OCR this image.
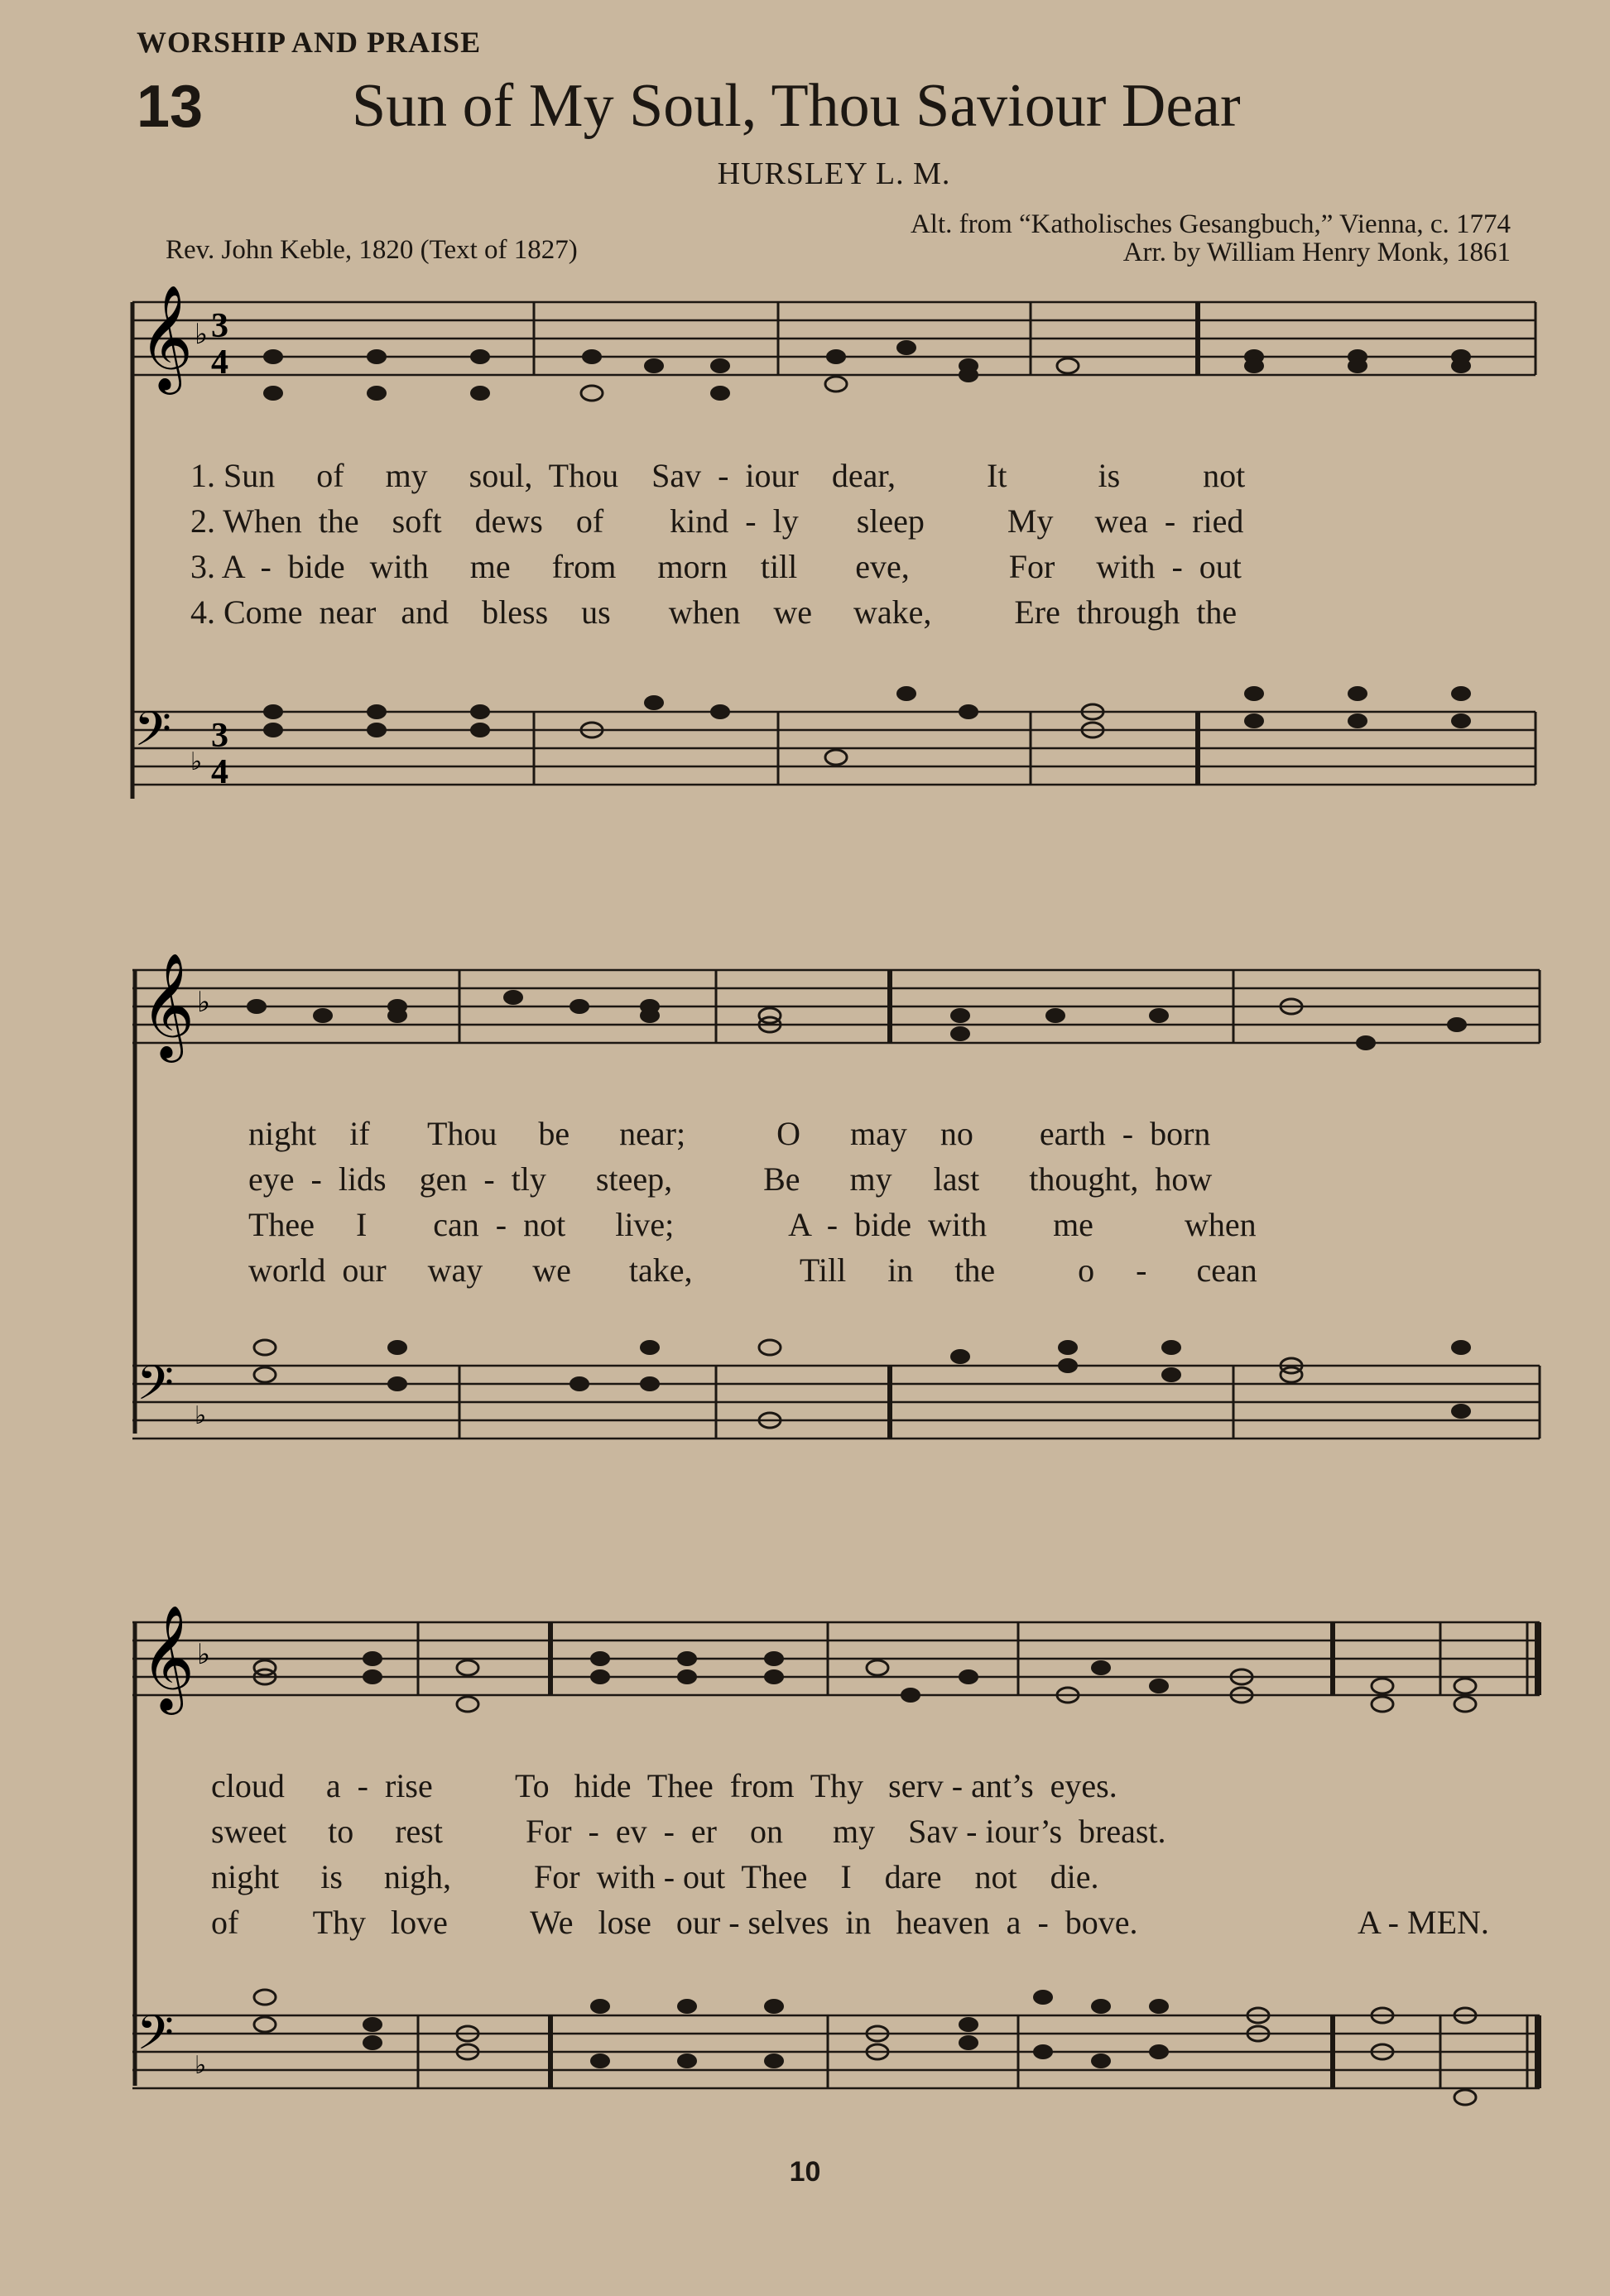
WORSHIP AND PRAISE
13 Sun of My Soul, Thou Saviour Dear
HURSLEY L. M.
Rev. John Keble, 1820 (Text of 1827)
Alt. from “Katholisches Gesangbuch,” Vienna, c. 1774
Arr. by William Henry Monk, 1861
𝄞 ♭ 3
4
1. Sun     of     my     soul,  Thou    Sav  -  iour    dear,           It           is          not
2. When  the    soft    dews    of        kind  -  ly       sleep          My     wea  -  ried
3. A  -  bide   with     me     from     morn    till       eve,            For     with  -  out
4. Come  near   and    bless    us       when    we     wake,          Ere  through  the
𝄢 ♭
3
4
𝄞 ♭
night    if       Thou     be      near;           O      may    no        earth  -  born
eye  -  lids    gen  -  tly      steep,           Be      my     last      thought,  how
Thee     I        can  -  not      live;              A  -  bide  with        me           when
world  our     way      we       take,             Till     in     the          o     -      cean
𝄢 ♭
𝄞 ♭
cloud     a  -  rise          To   hide  Thee  from  Thy   serv - ant’s  eyes.
sweet     to     rest          For  -  ev  -  er    on      my    Sav - iour’s  breast.
night     is     nigh,          For  with - out  Thee    I    dare    not    die.
of         Thy   love          We   lose   our - selves  in   heaven  a  -  bove.	A - MEN.
𝄢 ♭
10
